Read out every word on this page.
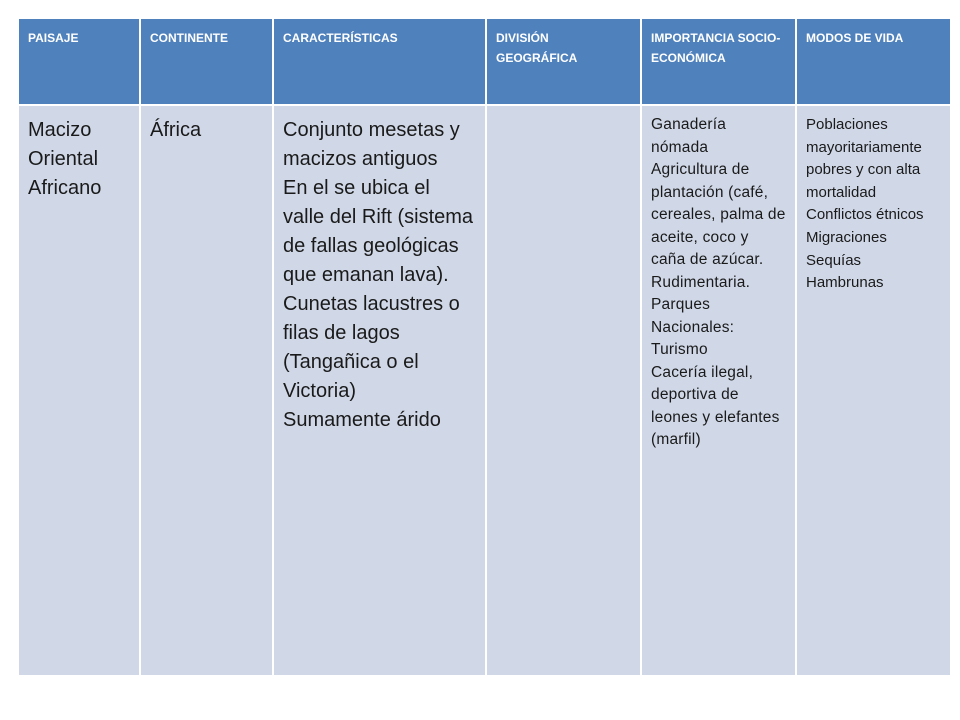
PAISAJE	CONTINENTE	CARACTERÍSTICAS	DIVISIÓN GEOGRÁFICA	IMPORTANCIA SOCIO-ECONÓMICA	MODOS DE VIDA

Macizo Oriental Africano	África	Conjunto mesetas y macizos antiguos
En el se ubica el valle del Rift (sistema de fallas geológicas que emanan lava).
Cunetas lacustres o filas de lagos (Tangañica o el Victoria)
Sumamente árido		Ganadería nómada
Agricultura de plantación (café, cereales, palma de aceite, coco y caña de azúcar.
Rudimentaria.
Parques Nacionales: Turismo
Cacería ilegal, deportiva de leones y elefantes (marfil)	Poblaciones mayoritariamente pobres y con alta mortalidad
Conflictos étnicos
Migraciones
Sequías
Hambrunas
